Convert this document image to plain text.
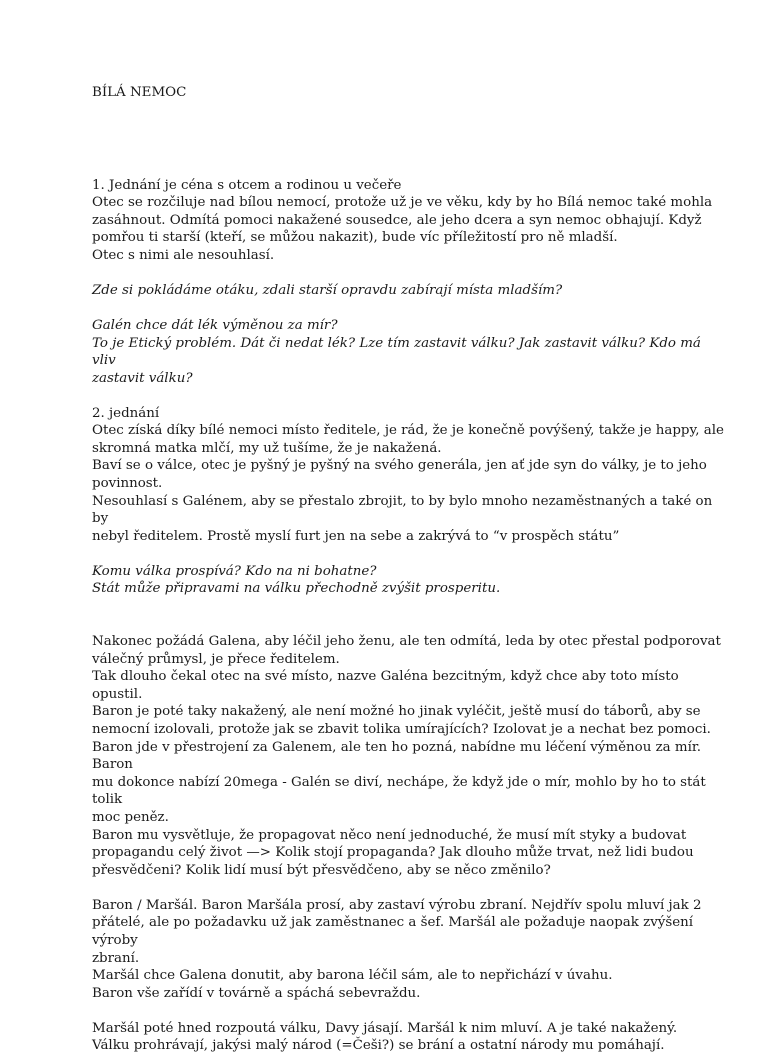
BÍLÁ NEMOC

1. Jednání je céna s otcem a rodinou u večeře
Otec se rozčiluje nad bílou nemocí, protože už je ve věku, kdy by ho Bílá nemoc také mohla
zasáhnout. Odmítá pomoci nakažené sousedce, ale jeho dcera a syn nemoc obhajují. Když
pomřou ti starší (kteří, se můžou nakazit), bude víc příležitostí pro ně mladší.
Otec s nimi ale nesouhlasí.

Zde si pokládáme otáku, zdali starší opravdu zabírají místa mladším?

Galén chce dát lék výměnou za mír?
To je Etický problém. Dát či nedat lék? Lze tím zastavit válku? Jak zastavit válku? Kdo má vliv
zastavit válku?

2. jednání
Otec získá díky bílé nemoci místo ředitele, je rád, že je konečně povýšený, takže je happy, ale
skromná matka mlčí, my už tušíme, že je nakažená.
Baví se o válce, otec je pyšný je pyšný na svého generála, jen ať jde syn do války, je to jeho
povinnost.
Nesouhlasí s Galénem, aby se přestalo zbrojit, to by bylo mnoho nezaměstnaných a také on by
nebyl ředitelem. Prostě myslí furt jen na sebe a zakrývá to “v prospěch státu”

Komu válka prospívá? Kdo na ni bohatne?
Stát může připravami na válku přechodně zvýšit prosperitu.

Nakonec požádá Galena, aby léčil jeho ženu, ale ten odmítá, leda by otec přestal podporovat
válečný průmysl, je přece ředitelem.
Tak dlouho čekal otec na své místo, nazve Galéna bezcitným, když chce aby toto místo opustil.
Baron je poté taky nakažený, ale není možné ho jinak vyléčit, ještě musí do táborů, aby se
nemocní izolovali, protože jak se zbavit tolika umírajících? Izolovat je a nechat bez pomoci.
Baron jde v přestrojení za Galenem, ale ten ho pozná, nabídne mu léčení výměnou za mír. Baron
mu dokonce nabízí 20mega - Galén se diví, nechápe, že když jde o mír, mohlo by ho to stát tolik
moc peněz.
Baron mu vysvětluje, že propagovat něco není jednoduché, že musí mít styky a budovat
propagandu celý život —> Kolik stojí propaganda? Jak dlouho může trvat, než lidi budou
přesvědčeni? Kolik lidí musí být přesvědčeno, aby se něco změnilo?

Baron / Maršál. Baron Maršála prosí, aby zastaví výrobu zbraní. Nejdřív spolu mluví jak 2
přátelé, ale po požadavku už jak zaměstnanec a šef. Maršál ale požaduje naopak zvýšení výroby
zbraní.
Maršál chce Galena donutit, aby barona léčil sám, ale to nepřichází v úvahu.
Baron vše zařídí v továrně a spáchá sebevraždu.

Maršál poté hned rozpoutá válku, Davy jásají. Maršál k nim mluví. A je také nakažený.
Válku prohrávají, jakýsi malý národ (=Češi?) se brání a ostatní národy mu pomáhají.
